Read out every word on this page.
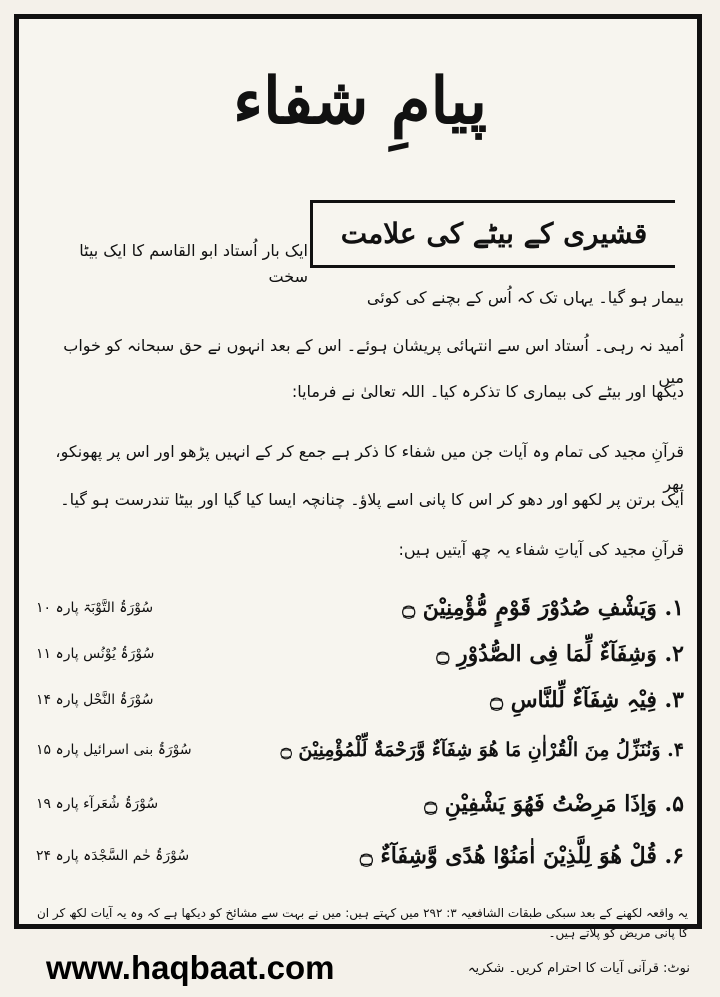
پیامِ شفاء
قشیری کے بیٹے کی علامت
ایک بار اُستاد ابو القاسم کا ایک بیٹا سخت
بیمار ہو گیا۔ یہاں تک کہ اُس کے بچنے کی کوئی
اُمید نہ رہی۔ اُستاد اس سے انتہائی پریشان ہوئے۔ اس کے بعد انہوں نے حق سبحانہ کو خواب میں
دیکھا اور بیٹے کی بیماری کا تذکرہ کیا۔ اللہ تعالیٰ نے فرمایا:
قرآنِ مجید کی تمام وہ آیات جن میں شفاء کا ذکر ہے جمع کر کے انہیں پڑھو اور اس پر پھونکو، پھر
ایک برتن پر لکھو اور دھو کر اس کا پانی اسے پلاؤ۔ چنانچہ ایسا کیا گیا اور بیٹا تندرست ہو گیا۔
قرآنِ مجید کی آیاتِ شفاء یہ چھ آیتیں ہیں:
۱. وَیَشْفِ صُدُوْرَ قَوْمٍ مُّؤْمِنِیْنَ ۝
سُوْرَۃُ التَّوْبَۃ پارہ ۱۰
۲. وَشِفَآءٌ لِّمَا فِی الصُّدُوْرِ ۝
سُوْرَۃُ یُوْنُس پارہ ۱۱
۳. فِیْہِ شِفَآءٌ لِّلنَّاسِ ۝
سُوْرَۃُ النَّحْل پارہ ۱۴
۴. وَنُنَزِّلُ مِنَ الْقُرْاٰنِ مَا هُوَ شِفَآءٌ وَّرَحْمَةٌ لِّلْمُؤْمِنِیْنَ ۝
سُوْرَۃُ بنی اسرائیل پارہ ۱۵
۵. وَاِذَا مَرِضْتُ فَهُوَ یَشْفِیْنِ ۝
سُوْرَۃُ شُعَرآء پارہ ۱۹
۶. قُلْ هُوَ لِلَّذِیْنَ اٰمَنُوْا هُدًی وَّشِفَآءٌ ۝
سُوْرَۃُ حٰم السَّجْدَہ پارہ ۲۴
یہ واقعہ لکھنے کے بعد سبکی طبقات الشافعیہ ۳: ۲۹۲ میں کہتے ہیں: میں نے بہت سے مشائخ کو دیکھا ہے کہ وہ یہ آیات لکھ کر ان کا پانی مریض کو پلاتے ہیں۔
www.haqbaat.com	نوٹ: قرآنی آیات کا احترام کریں۔ شکریہ
